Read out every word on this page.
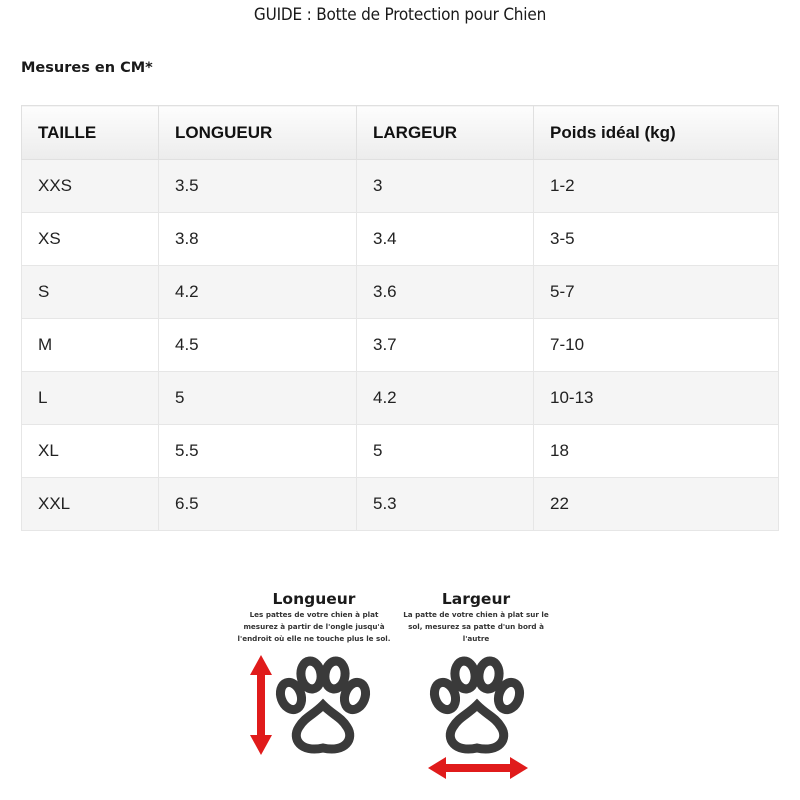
GUIDE : Botte de Protection pour Chien
Mesures en CM*
TAILLE	LONGUEUR	LARGEUR	Poids idéal (kg)
XXS	3.5	3	1-2
XS	3.8	3.4	3-5
S	4.2	3.6	5-7
M	4.5	3.7	7-10
L	5	4.2	10-13
XL	5.5	5	18
XXL	6.5	5.3	22
Longueur
Les pattes de votre chien à plat mesurez à partir de l'ongle jusqu'à l'endroit où elle ne touche plus le sol.
Largeur
La patte de votre chien à plat sur le sol, mesurez sa patte d'un bord à l'autre
